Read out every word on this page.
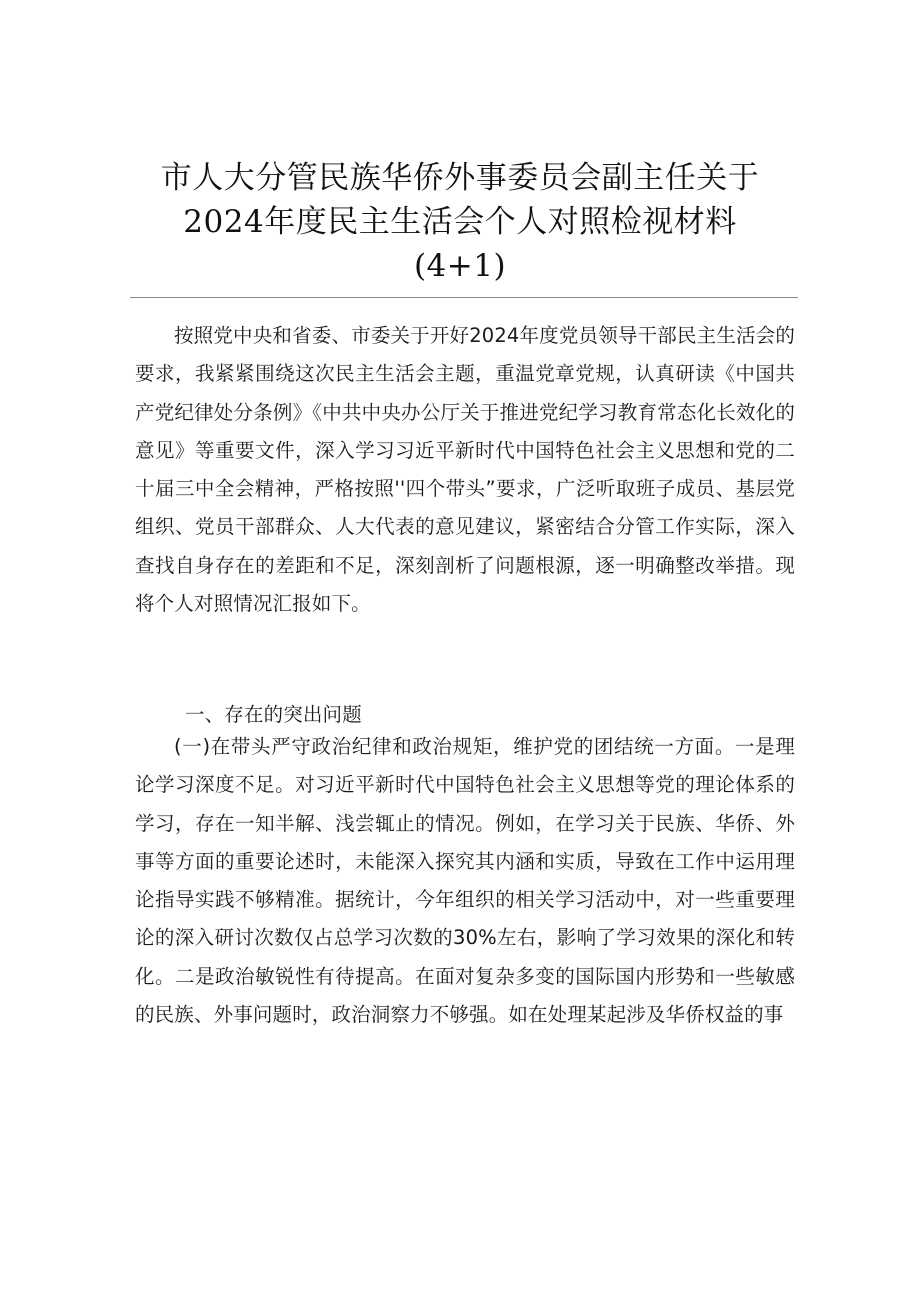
市人大分管民族华侨外事委员会副主任关于
2024年度民主生活会个人对照检视材料
(4+1)

按照党中央和省委、市委关于开好2024年度党员领导干部民主生活会的要求，我紧紧围绕这次民主生活会主题，重温党章党规，认真研读《中国共产党纪律处分条例》《中共中央办公厅关于推进党纪学习教育常态化长效化的意见》等重要文件，深入学习习近平新时代中国特色社会主义思想和党的二十届三中全会精神，严格按照''四个带头”要求，广泛听取班子成员、基层党组织、党员干部群众、人大代表的意见建议，紧密结合分管工作实际，深入查找自身存在的差距和不足，深刻剖析了问题根源，逐一明确整改举措。现将个人对照情况汇报如下。

一、存在的突出问题

(一)在带头严守政治纪律和政治规矩，维护党的团结统一方面。一是理论学习深度不足。对习近平新时代中国特色社会主义思想等党的理论体系的学习，存在一知半解、浅尝辄止的情况。例如，在学习关于民族、华侨、外事等方面的重要论述时，未能深入探究其内涵和实质，导致在工作中运用理论指导实践不够精准。据统计，今年组织的相关学习活动中，对一些重要理论的深入研讨次数仅占总学习次数的30%左右，影响了学习效果的深化和转化。二是政治敏锐性有待提高。在面对复杂多变的国际国内形势和一些敏感的民族、外事问题时，政治洞察力不够强。如在处理某起涉及华侨权益的事
